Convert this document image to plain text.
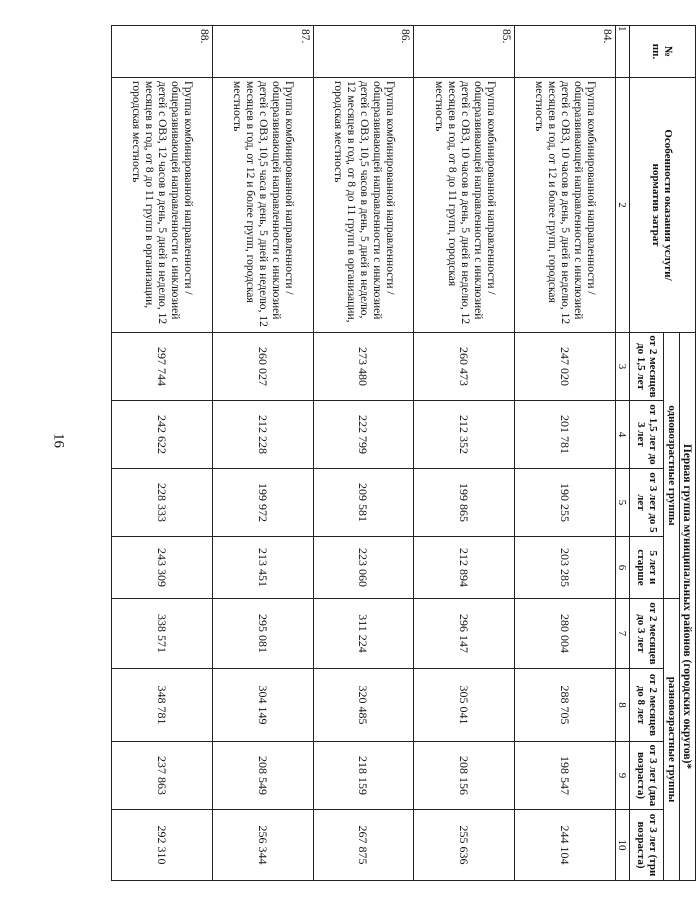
16
№
пп.	Особенности оказания услуги/
норматив затрат	Первая группа муниципальных районов (городских округов)*							
		одновозрастные группы				разновозрастные группы			
		от 2 месяцев до 1,5 лет	от 1,5 лет до 3 лет	от 3 лет до 5 лет	5 лет и старше	от 2 месяцев до 3 лет	от 2 месяцев до 8 лет	от 3 лет (два возраста)	от 3 лет (три возраста)
1	2	3	4	5	6	7	8	9	10
84.	Группа комбинированной направленности / общеразвивающей направленности с инклюзией детей с ОВЗ, 10 часов в день, 5 дней в неделю, 12 месяцев в год, от 12 и более групп, городская местность	247 020	201 781	190 255	203 285	280 004	288 705	198 547	244 104
85.	Группа комбинированной направленности / общеразвивающей направленности с инклюзией детей с ОВЗ, 10 часов в день, 5 дней в неделю, 12 месяцев в год, от 8 до 11 групп, городская местность	260 473	212 352	199 865	212 894	296 147	305 041	208 156	255 636
86.	Группа комбинированной направленности / общеразвивающей направленности с инклюзией детей с ОВЗ, 10,5 часов в день, 5 дней в неделю, 12 месяцев в год, от 8 до 11 групп в организации, городская местность	273 480	222 799	209 581	223 060	311 224	320 485	218 159	267 875
87.	Группа комбинированной направленности / общеразвивающей направленности с инклюзией детей с ОВЗ, 10,5 часа в день, 5 дней в неделю, 12 месяцев в год, от 12 и более групп, городская местность	260 027	212 228	199 972	213 451	295 081	304 149	208 549	256 344
88.	Группа комбинированной направленности / общеразвивающей направленности с инклюзией детей с ОВЗ, 12 часов в день, 5 дней в неделю, 12 месяцев в год, от 8 до 11 групп в организации, городская местность	297 744	242 622	228 333	243 309	338 571	348 781	237 863	292 310
